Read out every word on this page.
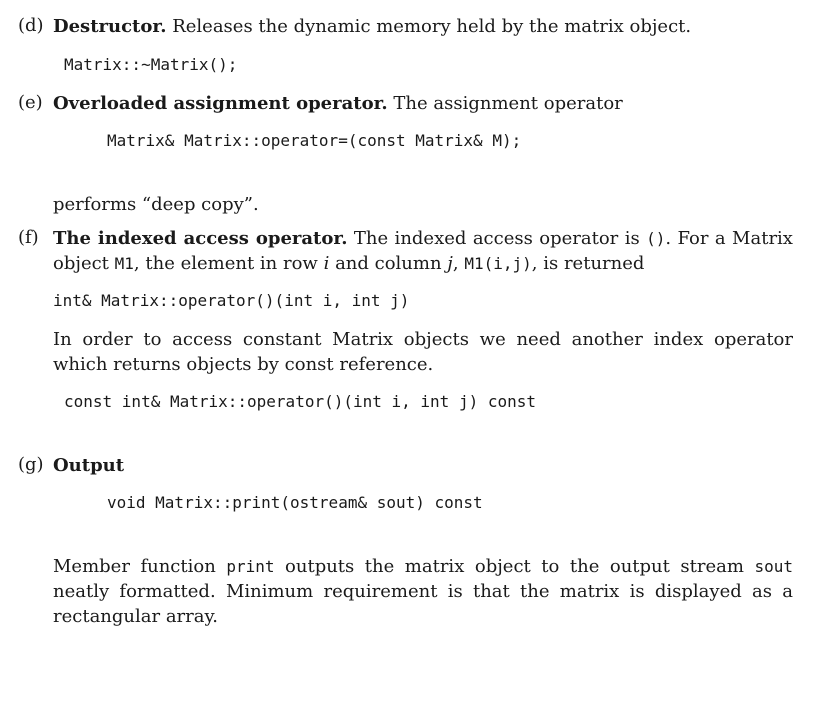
(d) Destructor. Releases the dynamic memory held by the matrix object.
Matrix::~Matrix();
(e) Overloaded assignment operator. The assignment operator
Matrix& Matrix::operator=(const Matrix& M);
performs “deep copy”.
(f) The indexed access operator. The indexed access operator is (). For a Matrix object M1, the element in row i and column j, M1(i,j), is returned
int& Matrix::operator()(int i, int j)
In order to access constant Matrix objects we need another index operator which returns objects by const reference.
const int& Matrix::operator()(int i, int j) const
(g) Output
void Matrix::print(ostream& sout) const
Member function print outputs the matrix object to the output stream sout neatly formatted. Minimum requirement is that the matrix is displayed as a rectangular array.
